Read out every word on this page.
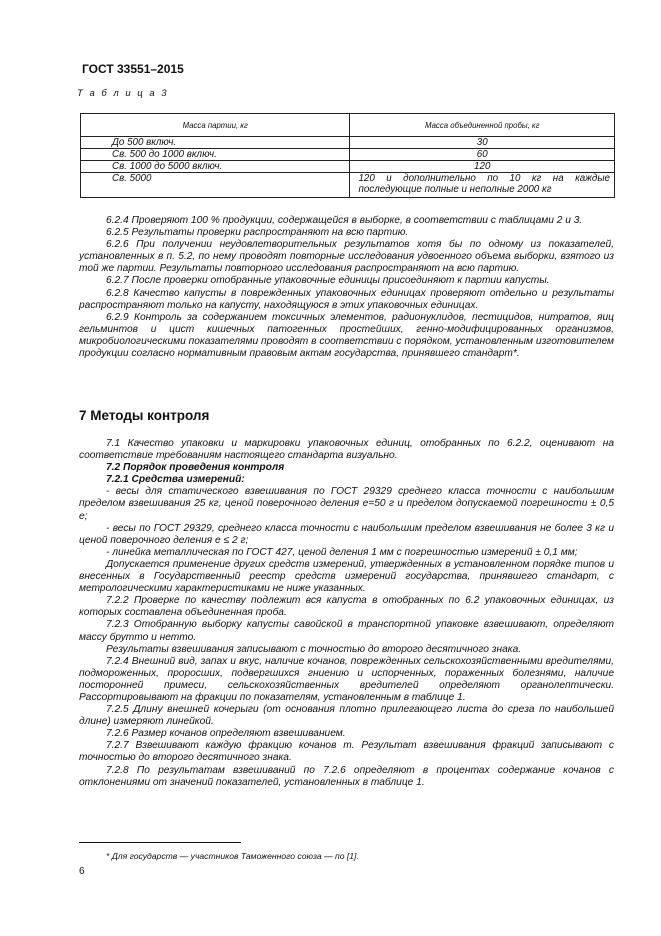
ГОСТ 33551–2015
Т а б л и ц а 3
Масса партии, кг	Масса объединенной пробы, кг
До 500 включ.	30
Св. 500 до 1000 включ.	60
Св. 1000 до 5000 включ.	120
Св. 5000	120 и дополнительно по 10 кг на каждые последующие полные и неполные 2000 кг

6.2.4 Проверяют 100 % продукции, содержащейся в выборке, в соответствии с таблицами 2 и 3.

6.2.5 Результаты проверки распространяют на всю партию.

6.2.6 При получении неудовлетворительных результатов хотя бы по одному из показателей, установленных в п. 5.2, по нему проводят повторные исследования удвоенного объема выборки, взятого из той же партии. Результаты повторного исследования распространяют на всю партию.

6.2.7 После проверки отобранные упаковочные единицы присоединяют к партии капусты.

6.2.8 Качество капусты в поврежденных упаковочных единицах проверяют отдельно и результаты распространяют только на капусту, находящуюся в этих упаковочных единицах.

6.2.9 Контроль за содержанием токсичных элементов, радионуклидов, пестицидов, нитратов, яиц гельминтов и цист кишечных патогенных простейших, генно-модифицированных организмов, микробиологическими показателями проводят в соответствии с порядком, установленным изготовителем продукции согласно нормативным правовым актам государства, принявшего стандарт*.

7 Методы контроля

7.1 Качество упаковки и маркировки упаковочных единиц, отобранных по 6.2.2, оценивают на соответствие требованиям настоящего стандарта визуально.

7.2 Порядок проведения контроля

7.2.1 Средства измерений:

- весы для статического взвешивания по ГОСТ 29329 среднего класса точности с наибольшим пределом взвешивания 25 кг, ценой поверочного деления е=50 г и пределом допускаемой погрешности ± 0,5 е;

- весы по ГОСТ 29329, среднего класса точности с наибольшим пределом взвешивания не более 3 кг и ценой поверочного деления е ≤ 2 г;

- линейка металлическая по ГОСТ 427, ценой деления 1 мм с погрешностью измерений ± 0,1 мм;

Допускается применение других средств измерений, утвержденных в установленном порядке типов и внесенных в Государственный реестр средств измерений государства, принявшего стандарт, с метрологическими характеристиками не ниже указанных.

7.2.2 Проверке по качеству подлежит вся капуста в отобранных по 6.2 упаковочных единицах, из которых составлена объединенная проба.

7.2.3 Отобранную выборку капусты савойской в транспортной упаковке взвешивают, определяют массу брутто и нетто.

Результаты взвешивания записывают с точностью до второго десятичного знака.

7.2.4 Внешний вид, запах и вкус, наличие кочанов, поврежденных сельскохозяйственными вредителями, подмороженных, проросших, подвергшихся гниению и испорченных, пораженных болезнями, наличие посторонней примеси, сельскохозяйственных вредителей определяют органолептически. Рассортировывают на фракции по показателям, установленным в таблице 1.

7.2.5 Длину внешней кочерыги (от основания плотно прилегающего листа до среза по наибольшей длине) измеряют линейкой.

7.2.6 Размер кочанов определяют взвешиванием.

7.2.7 Взвешивают каждую фракцию кочанов m. Результат взвешивания фракций записывают с точностью до второго десятичного знака.

7.2.8 По результатам взвешиваний по 7.2.6 определяют в процентах содержание кочанов с отклонениями от значений показателей, установленных в таблице 1.

* Для государств — участников Таможенного союза — по [1].
6
